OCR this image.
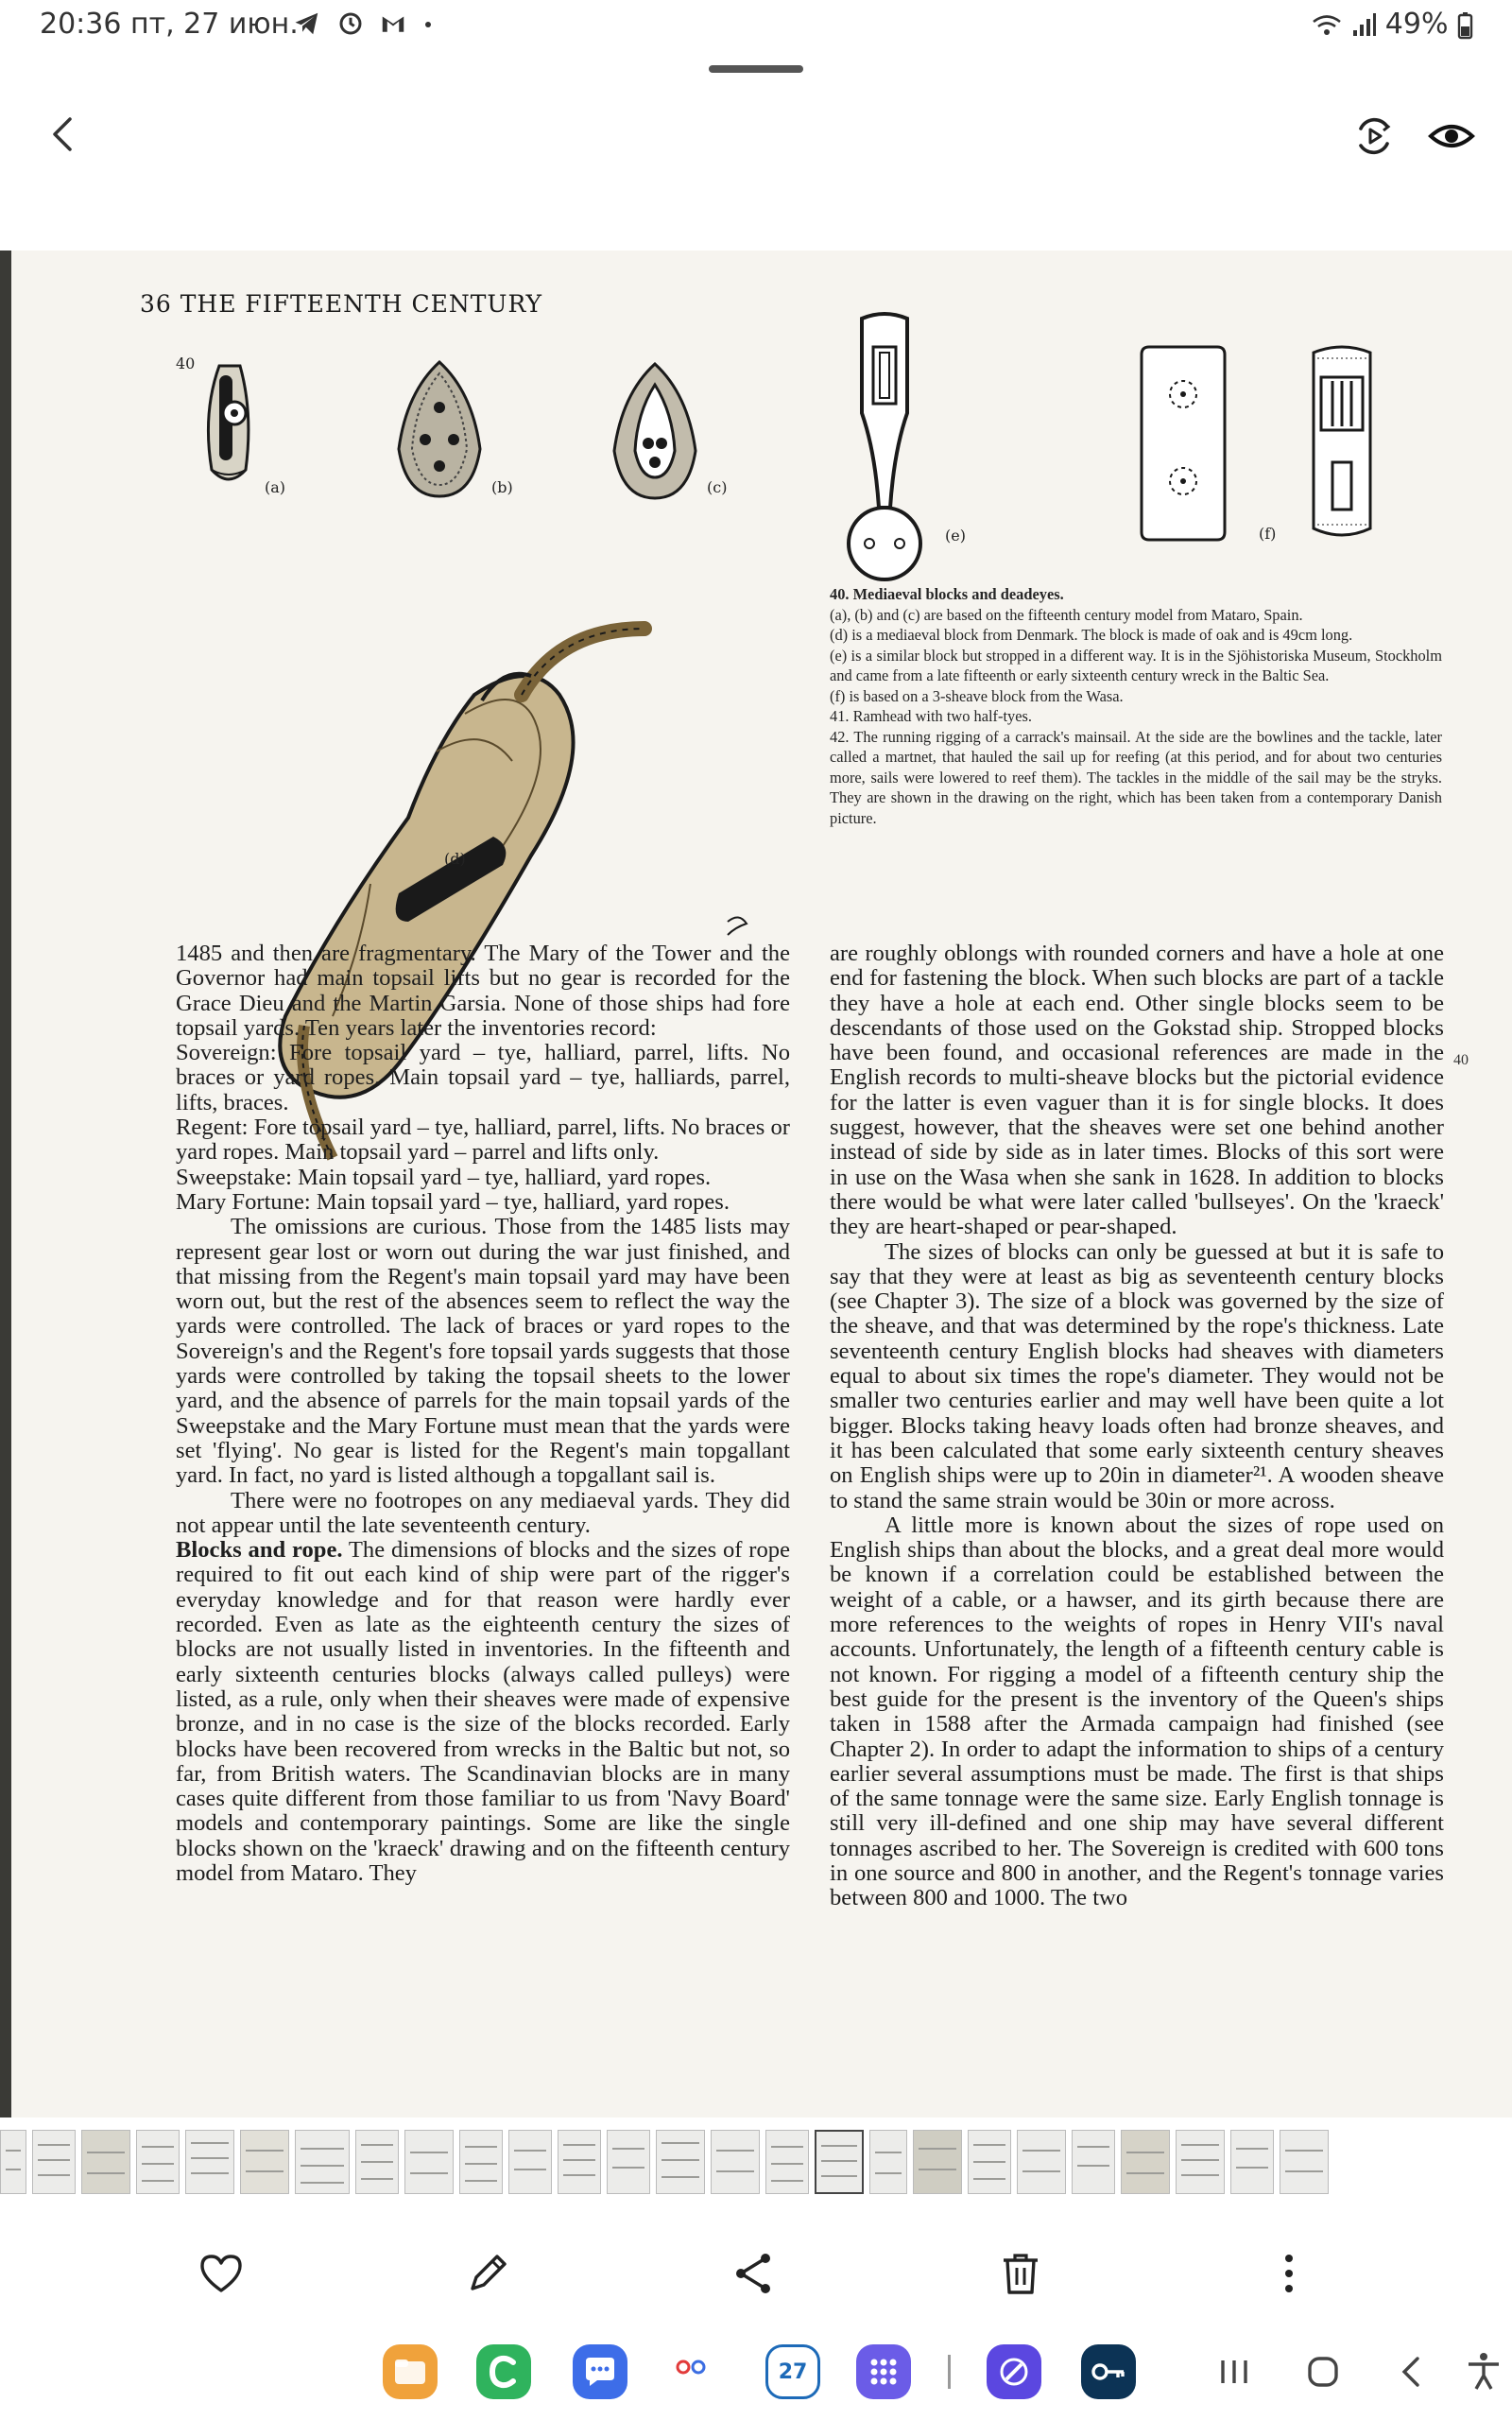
20:36 пт, 27 июн.
	49%
36 THE FIFTEENTH CENTURY
40
(a)	(b)	(c)
(d)
(e)	(f)

40. Mediaeval blocks and deadeyes.

(a), (b) and (c) are based on the fifteenth century model from Mataro, Spain.

(d) is a mediaeval block from Denmark. The block is made of oak and is 49cm long.

(e) is a similar block but stropped in a different way. It is in the Sjöhistoriska Museum, Stockholm and came from a late fifteenth or early sixteenth century wreck in the Baltic Sea.

(f) is based on a 3-sheave block from the Wasa.

41. Ramhead with two half-tyes.

42. The running rigging of a carrack's mainsail. At the side are the bowlines and the tackle, later called a martnet, that hauled the sail up for reefing (at this period, and for about two centuries more, sails were lowered to reef them). The tackles in the middle of the sail may be the stryks. They are shown in the drawing on the right, which has been taken from a contemporary Danish picture.

1485 and then are fragmentary. The Mary of the Tower and the Governor had main topsail lifts but no gear is recorded for the Grace Dieu and the Martin Garsia. None of those ships had fore topsail yards. Ten years later the inventories record:

Sovereign: Fore topsail yard – tye, halliard, parrel, lifts. No braces or yard ropes. Main topsail yard – tye, halliards, parrel, lifts, braces.

Regent: Fore topsail yard – tye, halliard, parrel, lifts. No braces or yard ropes. Main topsail yard – parrel and lifts only.

Sweepstake: Main topsail yard – tye, halliard, yard ropes.

Mary Fortune: Main topsail yard – tye, halliard, yard ropes.

The omissions are curious. Those from the 1485 lists may represent gear lost or worn out during the war just finished, and that missing from the Regent's main topsail yard may have been worn out, but the rest of the absences seem to reflect the way the yards were controlled. The lack of braces or yard ropes to the Sovereign's and the Regent's fore topsail yards suggests that those yards were controlled by taking the topsail sheets to the lower yard, and the absence of parrels for the main topsail yards of the Sweepstake and the Mary Fortune must mean that the yards were set 'flying'. No gear is listed for the Regent's main topgallant yard. In fact, no yard is listed although a topgallant sail is.

There were no footropes on any mediaeval yards. They did not appear until the late seventeenth century.

Blocks and rope. The dimensions of blocks and the sizes of rope required to fit out each kind of ship were part of the rigger's everyday knowledge and for that reason were hardly ever recorded. Even as late as the eighteenth century the sizes of blocks are not usually listed in inventories. In the fifteenth and early sixteenth centuries blocks (always called pulleys) were listed, as a rule, only when their sheaves were made of expensive bronze, and in no case is the size of the blocks recorded. Early blocks have been recovered from wrecks in the Baltic but not, so far, from British waters. The Scandinavian blocks are in many cases quite different from those familiar to us from 'Navy Board' models and contemporary paintings. Some are like the single blocks shown on the 'kraeck' drawing and on the fifteenth century model from Mataro. They

are roughly oblongs with rounded corners and have a hole at one end for fastening the block. When such blocks are part of a tackle they have a hole at each end. Other single blocks seem to be descendants of those used on the Gokstad ship. Stropped blocks have been found, and occasional references are made in the English records to multi-sheave blocks but the pictorial evidence for the latter is even vaguer than it is for single blocks. It does suggest, however, that the sheaves were set one behind another instead of side by side as in later times. Blocks of this sort were in use on the Wasa when she sank in 1628. In addition to blocks there would be what were later called 'bullseyes'. On the 'kraeck' they are heart-shaped or pear-shaped.

The sizes of blocks can only be guessed at but it is safe to say that they were at least as big as seventeenth century blocks (see Chapter 3). The size of a block was governed by the size of the sheave, and that was determined by the rope's thickness. Late seventeenth century English blocks had sheaves with diameters equal to about six times the rope's diameter. They would not be smaller two centuries earlier and may well have been quite a lot bigger. Blocks taking heavy loads often had bronze sheaves, and it has been calculated that some early sixteenth century sheaves on English ships were up to 20in in diameter²¹. A wooden sheave to stand the same strain would be 30in or more across.

A little more is known about the sizes of rope used on English ships than about the blocks, and a great deal more would be known if a correlation could be established between the weight of a cable, or a hawser, and its girth because there are more references to the weights of ropes in Henry VII's naval accounts. Unfortunately, the length of a fifteenth century cable is not known. For rigging a model of a fifteenth century ship the best guide for the present is the inventory of the Queen's ships taken in 1588 after the Armada campaign had finished (see Chapter 2). In order to adapt the information to ships of a century earlier several assumptions must be made. The first is that ships of the same tonnage were the same size. Early English tonnage is still very ill-defined and one ship may have several different tonnages ascribed to her. The Sovereign is credited with 600 tons in one source and 800 in another, and the Regent's tonnage varies between 800 and 1000. The two

40
27
